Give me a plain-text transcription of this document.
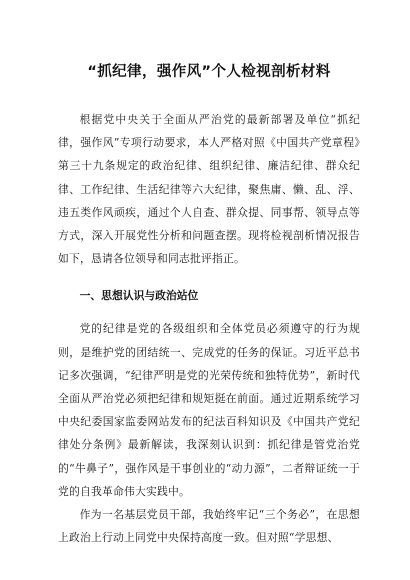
“抓纪律，强作风”个人检视剖析材料

根据党中央关于全面从严治党的最新部署及单位“抓纪律，强作风”专项行动要求，本人严格对照《中国共产党章程》第三十九条规定的政治纪律、组织纪律、廉洁纪律、群众纪律、工作纪律、生活纪律等六大纪律，聚焦庸、懒、乱、浮、违五类作风顽疾，通过个人自查、群众提、同事帮、领导点等方式，深入开展党性分析和问题查摆。现将检视剖析情况报告如下，恳请各位领导和同志批评指正。

一、思想认识与政治站位

党的纪律是党的各级组织和全体党员必须遵守的行为规则，是维护党的团结统一、完成党的任务的保证。习近平总书记多次强调，“纪律严明是党的光荣传统和独特优势”，新时代全面从严治党必须把纪律和规矩挺在前面。通过近期系统学习中央纪委国家监委网站发布的纪法百科知识及《中国共产党纪律处分条例》最新解读，我深刻认识到：抓纪律是管党治党的“牛鼻子”，强作风是干事创业的“动力源”，二者辩证统一于党的自我革命伟大实践中。

作为一名基层党员干部，我始终牢记“三个务必”，在思想上政治上行动上同党中央保持高度一致。但对照“学思想、
